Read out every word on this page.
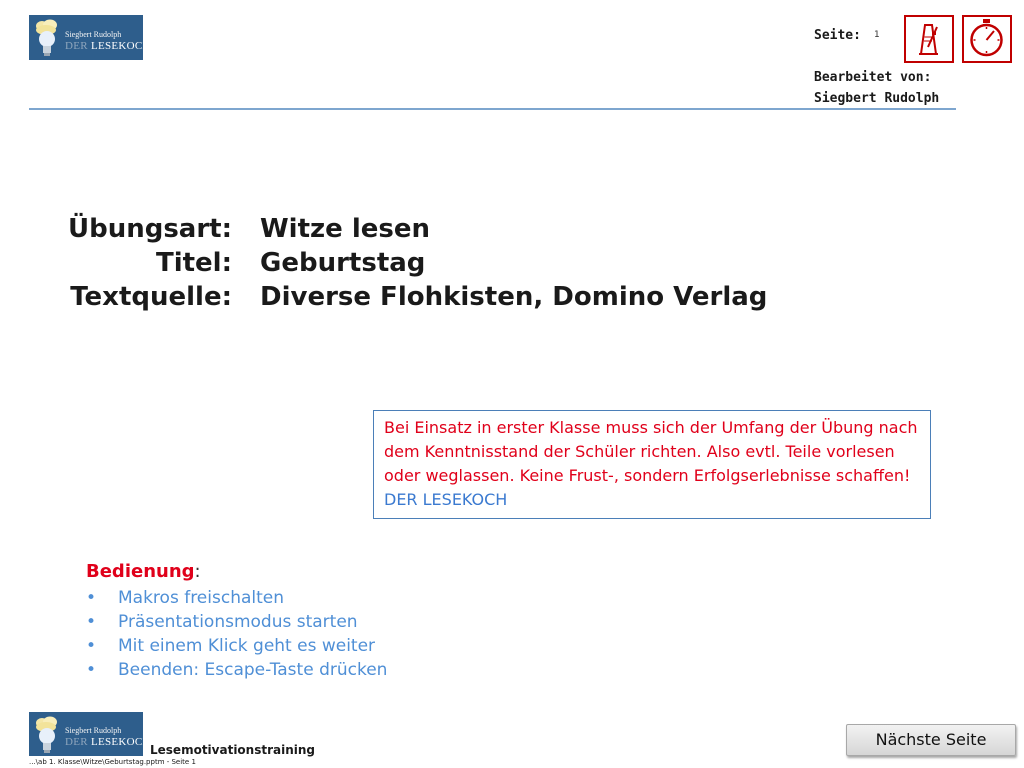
Siegbert Rudolph
DER LESEKOCH
Seite: 1
Bearbeitet von:
Siegbert Rudolph
Übungsart: Witze lesen
Titel: Geburtstag
Textquelle: Diverse Flohkisten, Domino Verlag
Bei Einsatz in erster Klasse muss sich der Umfang der Übung nach dem Kenntnisstand der Schüler richten. Also evtl. Teile vorlesen oder weglassen. Keine Frust-, sondern Erfolgserlebnisse schaffen! DER LESEKOCH
Bedienung:
• Makros freischalten
• Präsentationsmodus starten
• Mit einem Klick geht es weiter
• Beenden: Escape-Taste drücken
Siegbert Rudolph
DER LESEKOCH
Lesemotivationstraining
...\ab 1. Klasse\Witze\Geburtstag.pptm - Seite 1
Nächste Seite
